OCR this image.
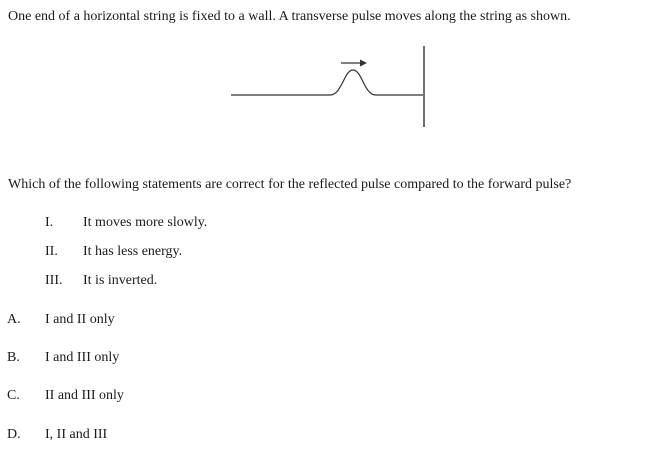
One end of a horizontal string is fixed to a wall. A transverse pulse moves along the string as shown.
Which of the following statements are correct for the reflected pulse compared to the forward pulse?
I. It moves more slowly.
II. It has less energy.
III. It is inverted.
A. I and II only
B. I and III only
C. II and III only
D. I, II and III
